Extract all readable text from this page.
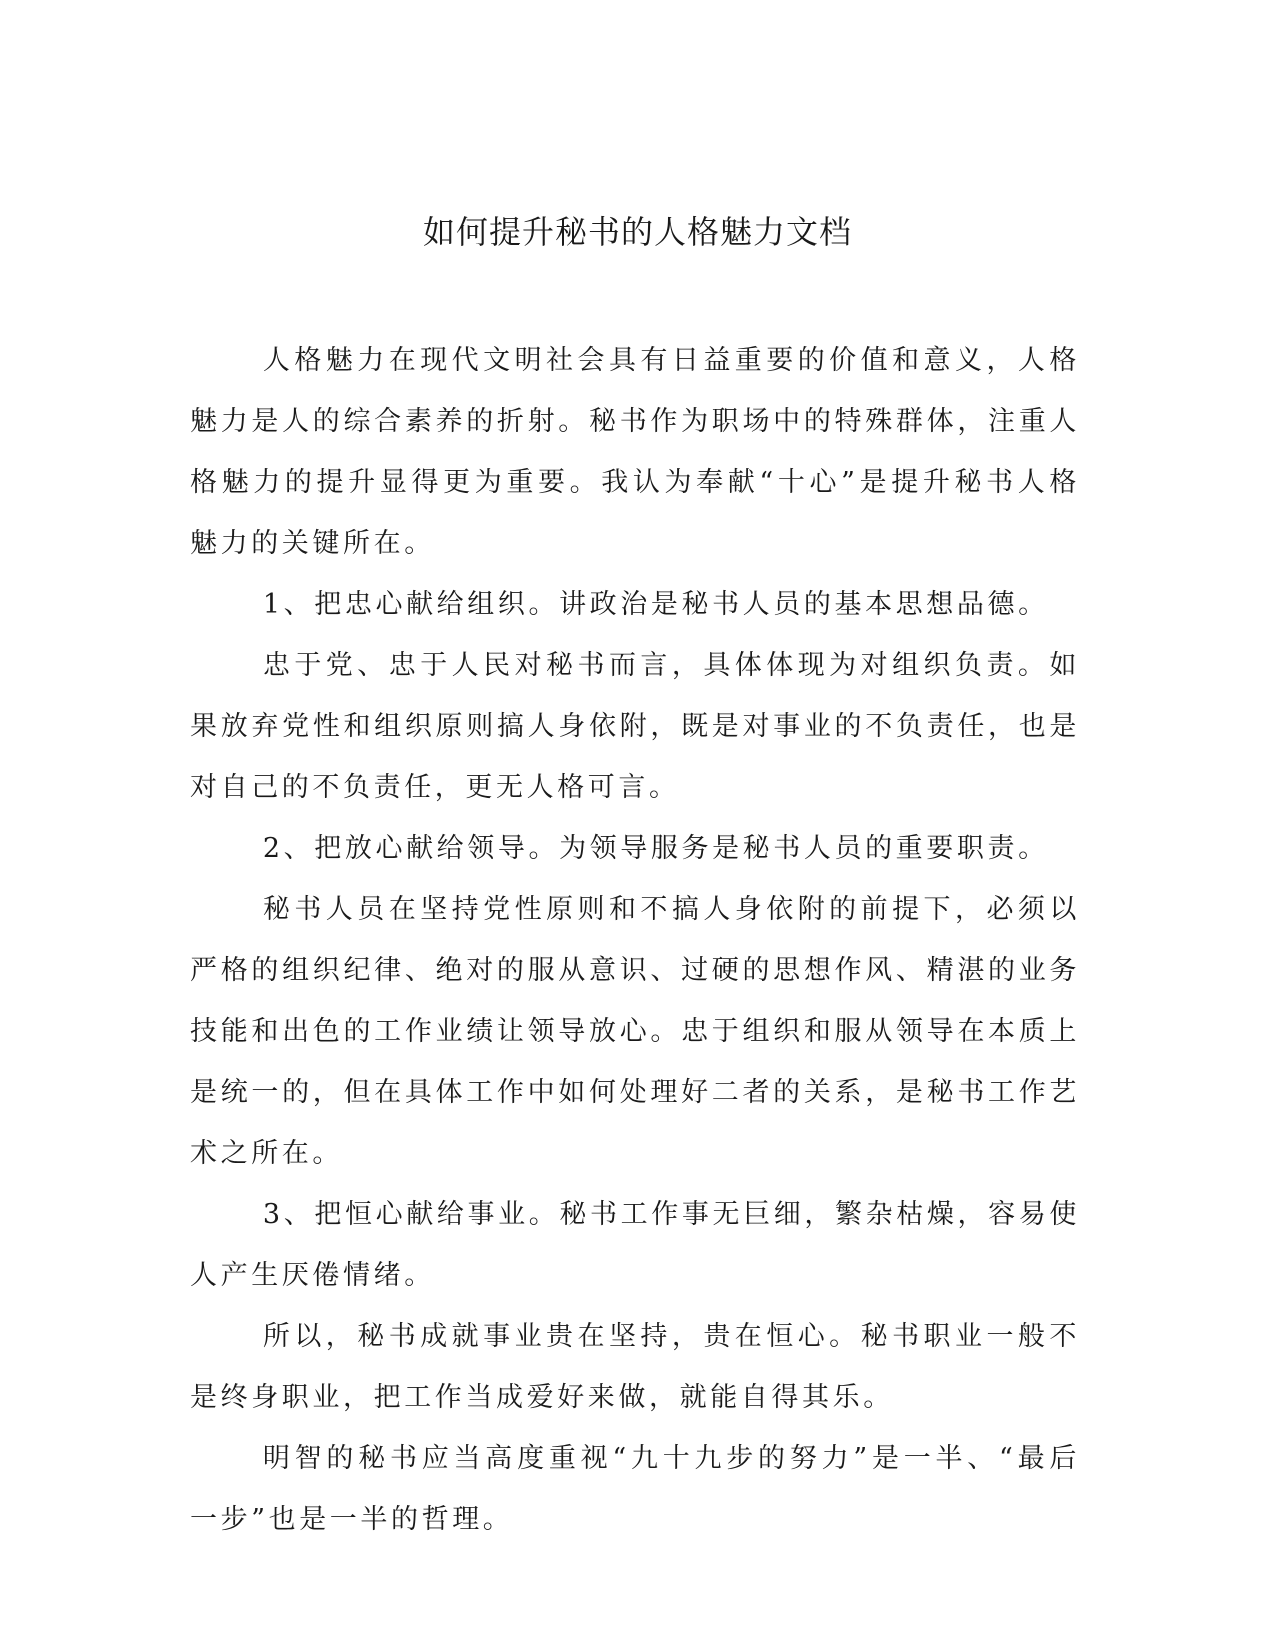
如何提升秘书的人格魅力文档

人格魅力在现代文明社会具有日益重要的价值和意义，人格魅力是人的综合素养的折射。秘书作为职场中的特殊群体，注重人格魅力的提升显得更为重要。我认为奉献“十心”是提升秘书人格魅力的关键所在。

1、把忠心献给组织。讲政治是秘书人员的基本思想品德。

忠于党、忠于人民对秘书而言，具体体现为对组织负责。如果放弃党性和组织原则搞人身依附，既是对事业的不负责任，也是对自己的不负责任，更无人格可言。

2、把放心献给领导。为领导服务是秘书人员的重要职责。

秘书人员在坚持党性原则和不搞人身依附的前提下，必须以严格的组织纪律、绝对的服从意识、过硬的思想作风、精湛的业务技能和出色的工作业绩让领导放心。忠于组织和服从领导在本质上是统一的，但在具体工作中如何处理好二者的关系，是秘书工作艺术之所在。

3、把恒心献给事业。秘书工作事无巨细，繁杂枯燥，容易使人产生厌倦情绪。

所以，秘书成就事业贵在坚持，贵在恒心。秘书职业一般不是终身职业，把工作当成爱好来做，就能自得其乐。

明智的秘书应当高度重视“九十九步的努力”是一半、“最后一步”也是一半的哲理。
